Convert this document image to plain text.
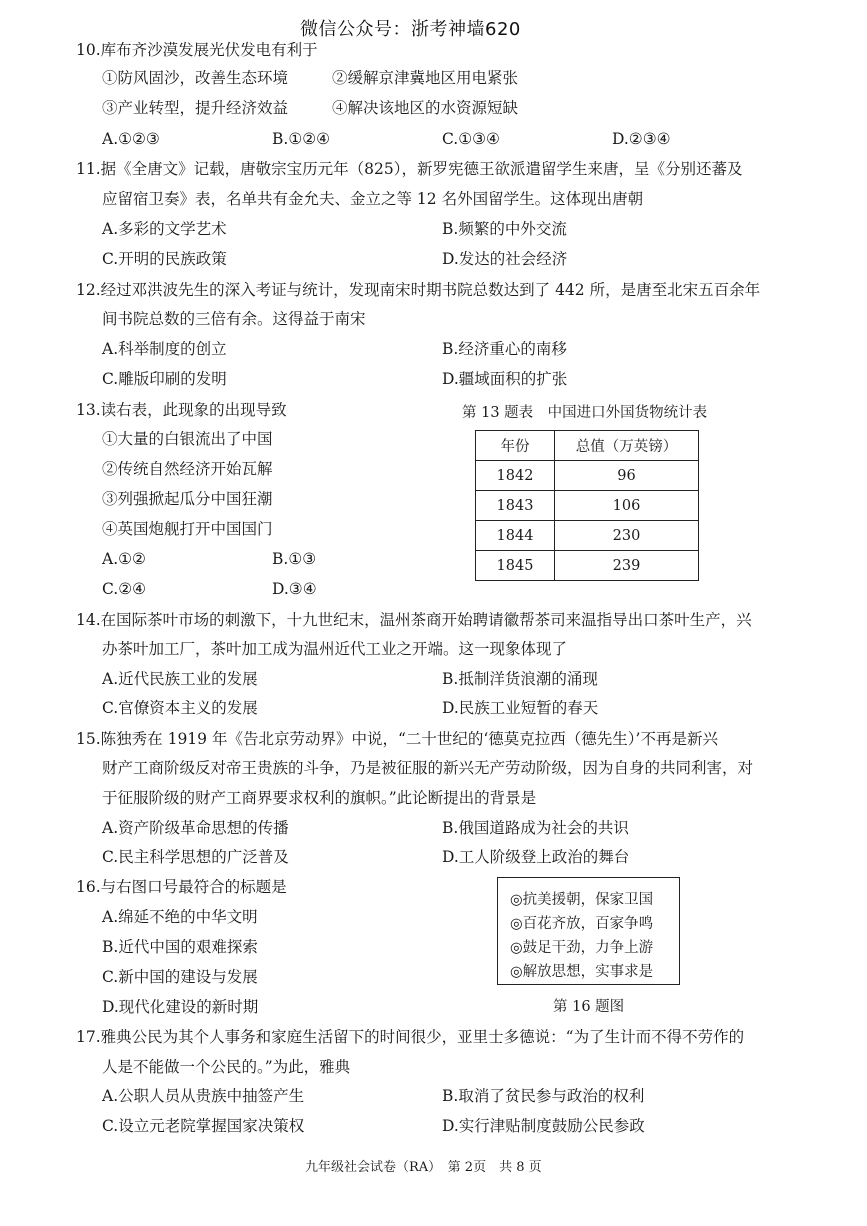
微信公众号：浙考神墙620
10.库布齐沙漠发展光伏发电有利于
①防风固沙，改善生态环境	②缓解京津冀地区用电紧张
③产业转型，提升经济效益	④解决该地区的水资源短缺
A.①②③	B.①②④	C.①③④	D.②③④
11.据《全唐文》记载，唐敬宗宝历元年（825），新罗宪德王欲派遣留学生来唐，呈《分别还蕃及
应留宿卫奏》表，名单共有金允夫、金立之等 12 名外国留学生。这体现出唐朝
A.多彩的文学艺术	B.频繁的中外交流
C.开明的民族政策	D.发达的社会经济
12.经过邓洪波先生的深入考证与统计，发现南宋时期书院总数达到了 442 所，是唐至北宋五百余年
间书院总数的三倍有余。这得益于南宋
A.科举制度的创立	B.经济重心的南移
C.雕版印刷的发明	D.疆域面积的扩张
13.读右表，此现象的出现导致
①大量的白银流出了中国
②传统自然经济开始瓦解
③列强掀起瓜分中国狂潮
④英国炮舰打开中国国门
A.①②	B.①③
C.②④	D.③④
第 13 题表　中国进口外国货物统计表
年份	总值（万英镑）
1842	96
1843	106
1844	230
1845	239
14.在国际茶叶市场的刺激下，十九世纪末，温州茶商开始聘请徽帮茶司来温指导出口茶叶生产，兴
办茶叶加工厂，茶叶加工成为温州近代工业之开端。这一现象体现了
A.近代民族工业的发展	B.抵制洋货浪潮的涌现
C.官僚资本主义的发展	D.民族工业短暂的春天
15.陈独秀在 1919 年《告北京劳动界》中说，“二十世纪的‘德莫克拉西（德先生）’不再是新兴
财产工商阶级反对帝王贵族的斗争，乃是被征服的新兴无产劳动阶级，因为自身的共同利害，对
于征服阶级的财产工商界要求权利的旗帜。”此论断提出的背景是
A.资产阶级革命思想的传播	B.俄国道路成为社会的共识
C.民主科学思想的广泛普及	D.工人阶级登上政治的舞台
16.与右图口号最符合的标题是
A.绵延不绝的中华文明
B.近代中国的艰难探索
C.新中国的建设与发展
D.现代化建设的新时期
◎抗美援朝，保家卫国
◎百花齐放，百家争鸣
◎鼓足干劲，力争上游
◎解放思想，实事求是
第 16 题图
17.雅典公民为其个人事务和家庭生活留下的时间很少，亚里士多德说：“为了生计而不得不劳作的
人是不能做一个公民的。”为此，雅典
A.公职人员从贵族中抽签产生	B.取消了贫民参与政治的权利
C.设立元老院掌握国家决策权	D.实行津贴制度鼓励公民参政
九年级社会试卷（RA）　第 2页　共 8 页
